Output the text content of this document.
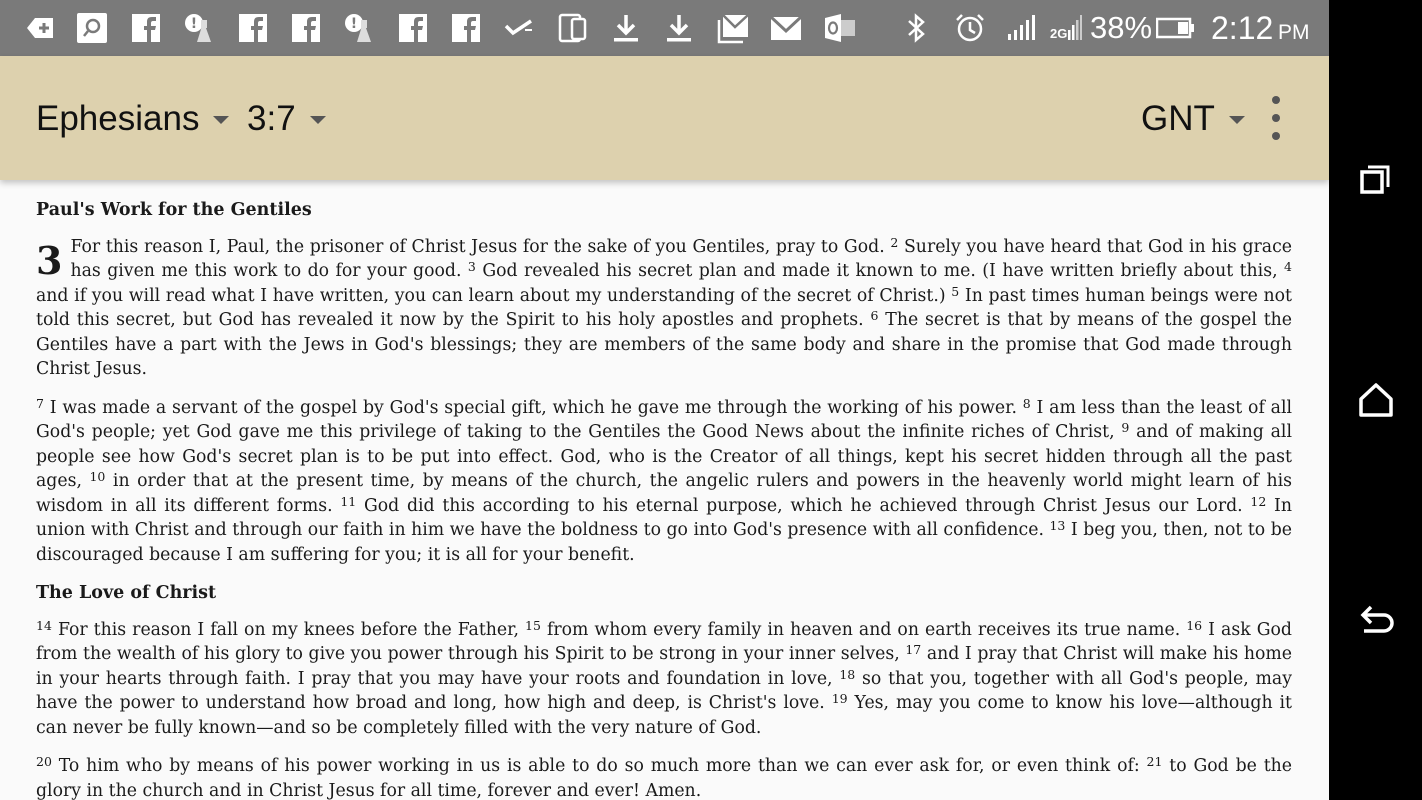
!	!
2G 38% 2:12 PM
Ephesians 3:7	GNT
Paul's Work for the Gentiles
3 For this reason I, Paul, the prisoner of Christ Jesus for the sake of you Gentiles, pray to God. $^2$ Surely you have heard that God in his grace has given me this work to do for your good. $^3$ God revealed his secret plan and made it known to me. (I have written briefly about this, $^4$ and if you will read what I have written, you can learn about my understanding of the secret of Christ.) $^5$ In past times human beings were not told this secret, but God has revealed it now by the Spirit to his holy apostles and prophets. $^6$ The secret is that by means of the gospel the Gentiles have a part with the Jews in God's blessings; they are members of the same body and share in the promise that God made through Christ Jesus.
$^7$ I was made a servant of the gospel by God's special gift, which he gave me through the working of his power. $^8$ I am less than the least of all God's people; yet God gave me this privilege of taking to the Gentiles the Good News about the infinite riches of Christ, $^9$ and of making all people see how God's secret plan is to be put into effect. God, who is the Creator of all things, kept his secret hidden through all the past ages, $^{10}$ in order that at the present time, by means of the church, the angelic rulers and powers in the heavenly world might learn of his wisdom in all its different forms. $^{11}$ God did this according to his eternal purpose, which he achieved through Christ Jesus our Lord. $^{12}$ In union with Christ and through our faith in him we have the boldness to go into God's presence with all confidence. $^{13}$ I beg you, then, not to be discouraged because I am suffering for you; it is all for your benefit.
The Love of Christ
$^{14}$ For this reason I fall on my knees before the Father, $^{15}$ from whom every family in heaven and on earth receives its true name. $^{16}$ I ask God from the wealth of his glory to give you power through his Spirit to be strong in your inner selves, $^{17}$ and I pray that Christ will make his home in your hearts through faith. I pray that you may have your roots and foundation in love, $^{18}$ so that you, together with all God's people, may have the power to understand how broad and long, how high and deep, is Christ's love. $^{19}$ Yes, may you come to know his love—although it can never be fully known—and so be completely filled with the very nature of God.
$^{20}$ To him who by means of his power working in us is able to do so much more than we can ever ask for, or even think of: $^{21}$ to God be the glory in the church and in Christ Jesus for all time, forever and ever! Amen.
